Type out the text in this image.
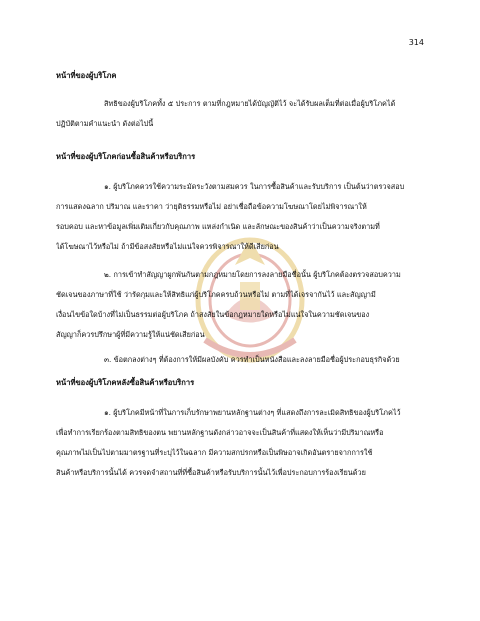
314
หน้าที่ของผู้บริโภค
สิทธิของผู้บริโภคทั้ง ๕ ประการ ตามที่กฎหมายได้บัญญัติไว้ จะได้รับผลเต็มที่ต่อเมื่อผู้บริโภคได้
ปฏิบัติตามคำแนะนำ ดังต่อไปนี้
หน้าที่ของผู้บริโภคก่อนซื้อสินค้าหรือบริการ
๑. ผู้บริโภคควรใช้ความระมัดระวังตามสมควร ในการซื้อสินค้าและรับบริการ เป็นต้นว่าตรวจสอบ
การแสดงฉลาก ปริมาณ และราคา ว่ายุติธรรมหรือไม่ อย่าเชื่อถือข้อความโฆษณาโดยไม่พิจารณาให้
รอบคอบ และหาข้อมูลเพิ่มเติมเกี่ยวกับคุณภาพ แหล่งกำเนิด และลักษณะของสินค้าว่าเป็นความจริงตามที่
ได้โฆษณาไว้หรือไม่ ถ้ามีข้อสงสัยหรือไม่แน่ใจควรพิจารณาให้ดีเสียก่อน
๒. การเข้าทำสัญญาผูกพันกันตามกฎหมายโดยการลงลายมือชื่อนั้น ผู้บริโภคต้องตรวจสอบความ
ชัดเจนของภาษาที่ใช้ ว่ารัดกุมและให้สิทธิแก่ผู้บริโภคครบถ้วนหรือไม่ ตามที่ได้เจรจากันไว้ และสัญญามี
เงื่อนไขข้อใดบ้างที่ไม่เป็นธรรมต่อผู้บริโภค ถ้าสงสัยในข้อกฎหมายใดหรือไม่แน่ใจในความชัดเจนของ
สัญญาก็ควรปรึกษาผู้ที่มีความรู้ให้แน่ชัดเสียก่อน
๓. ข้อตกลงต่างๆ ที่ต้องการให้มีผลบังคับ ควรทำเป็นหนังสือและลงลายมือชื่อผู้ประกอบธุรกิจด้วย
หน้าที่ของผู้บริโภคหลังซื้อสินค้าหรือบริการ
๑. ผู้บริโภคมีหน้าที่ในการเก็บรักษาพยานหลักฐานต่างๆ ที่แสดงถึงการละเมิดสิทธิของผู้บริโภคไว้
เพื่อทำการเรียกร้องตามสิทธิของตน พยานหลักฐานดังกล่าวอาจจะเป็นสินค้าที่แสดงให้เห็นว่ามีปริมาณหรือ
คุณภาพไม่เป็นไปตามมาตรฐานที่ระบุไว้ในฉลาก มีความสกปรกหรือเป็นพิษอาจเกิดอันตรายจากการใช้
สินค้าหรือบริการนั้นได้ ควรจดจำสถานที่ที่ซื้อสินค้าหรือรับบริการนั้นไว้เพื่อประกอบการร้องเรียนด้วย
